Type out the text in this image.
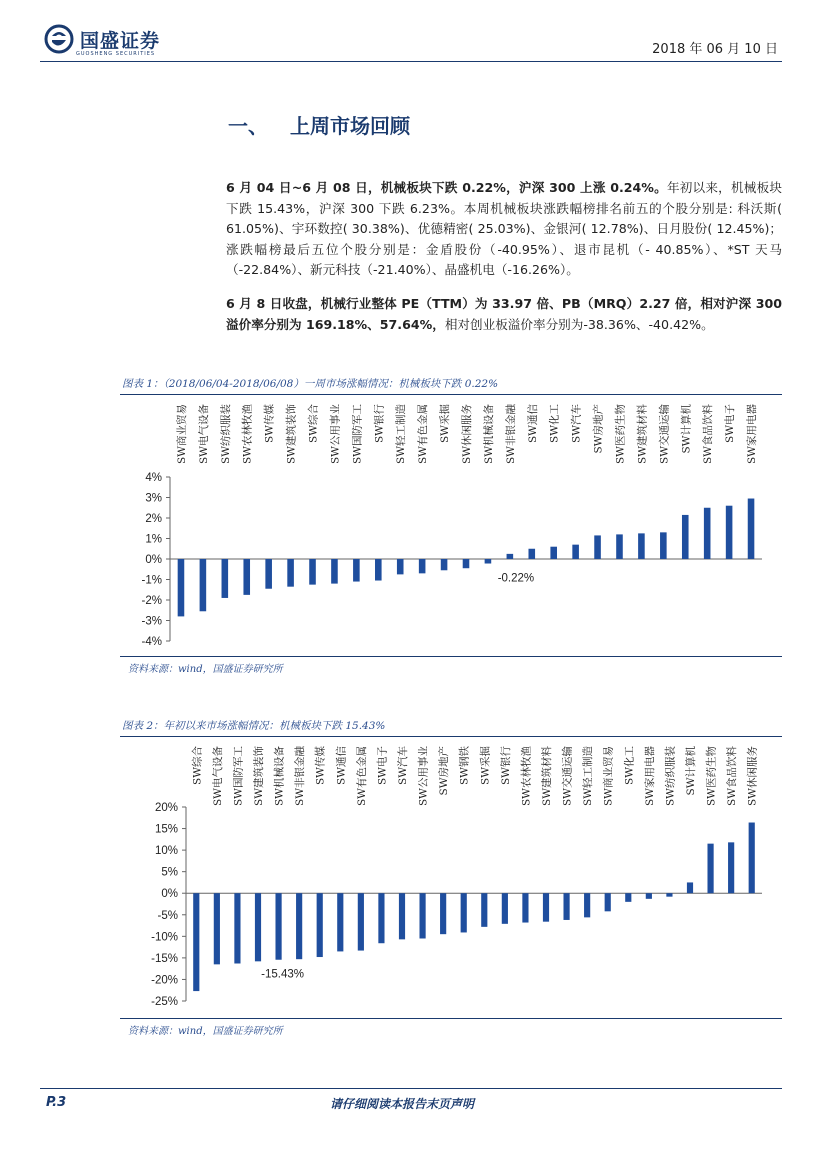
国盛证券
GUOSHENG SECURITIES	2018 年 06 月 10 日
一、 上周市场回顾
6 月 04 日~6 月 08 日，机械板块下跌 0.22%，沪深 300 上涨 0.24%。年初以来，机械板块下跌 15.43%，沪深 300 下跌 6.23%。本周机械板块涨跌幅榜排名前五的个股分别是: 科沃斯( 61.05%)、宇环数控( 30.38%)、优德精密( 25.03%)、金银河( 12.78%)、日月股份( 12.45%)；涨跌幅榜最后五位个股分别是：金盾股份（-40.95%）、退市昆机（- 40.85%）、*ST 天马（-22.84%）、新元科技（-21.40%）、晶盛机电（-16.26%）。
6 月 8 日收盘，机械行业整体 PE（TTM）为 33.97 倍、PB（MRQ）2.27 倍，相对沪深 300 溢价率分别为 169.18%、57.64%，相对创业板溢价率分别为-38.36%、-40.42%。
图表 1：（2018/06/04-2018/06/08）一周市场涨幅情况：机械板块下跌 0.22%
4%
3%
2%
1%
0%
-1%
-2%
-3%
-4%
SW商业贸易 SW电气设备 SW纺织服装 SW农林牧渔 SW传媒 SW建筑装饰 SW综合 SW公用事业 SW国防军工 SW银行 SW轻工制造 SW有色金属 SW采掘 SW休闲服务 SW机械设备 SW非银金融 SW通信 SW化工 SW汽车 SW房地产 SW医药生物 SW建筑材料 SW交通运输 SW计算机 SW食品饮料 SW电子 SW家用电器
-0.22%
资料来源：wind，国盛证券研究所
图表 2：年初以来市场涨幅情况：机械板块下跌 15.43%
20%
15%
10%
5%
0%
-5%
-10%
-15%
-20%
-25%
SW综合 SW电气设备 SW国防军工 SW建筑装饰 SW机械设备 SW非银金融 SW传媒 SW通信 SW有色金属 SW电子 SW汽车 SW公用事业 SW房地产 SW钢铁 SW采掘 SW银行 SW农林牧渔 SW建筑材料 SW交通运输 SW轻工制造 SW商业贸易 SW化工 SW家用电器 SW纺织服装 SW计算机 SW医药生物 SW食品饮料 SW休闲服务
-15.43%
资料来源：wind，国盛证券研究所
P.3	请仔细阅读本报告末页声明
